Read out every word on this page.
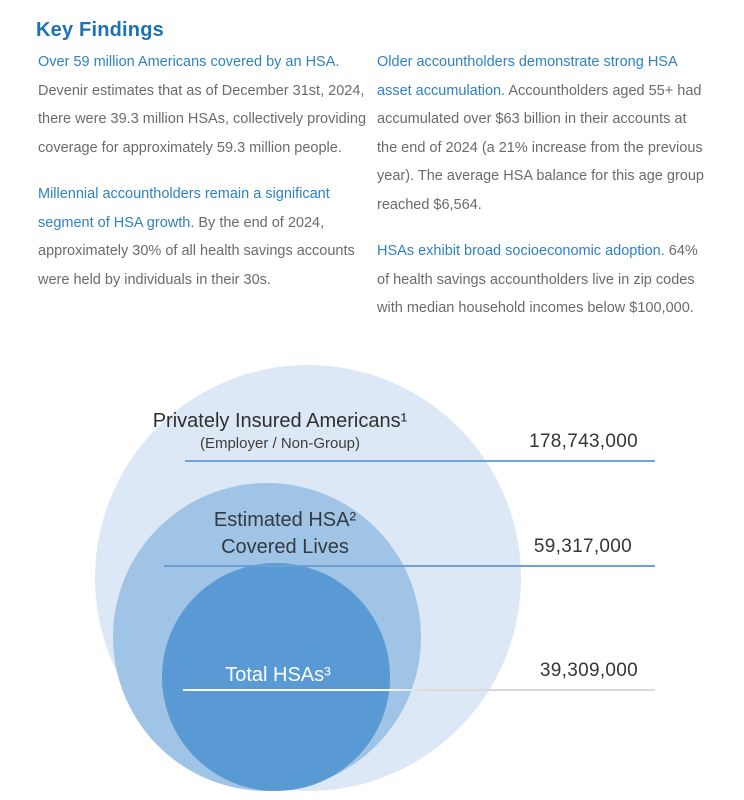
Key Findings

Over 59 million Americans covered by an HSA. Devenir estimates that as of December 31st, 2024, there were 39.3 million HSAs, collectively providing coverage for approximately 59.3 million people.

Millennial accountholders remain a significant segment of HSA growth. By the end of 2024, approximately 30% of all health savings accounts were held by individuals in their 30s.

Older accountholders demonstrate strong HSA asset accumulation. Accountholders aged 55+ had accumulated over $63 billion in their accounts at the end of 2024 (a 21% increase from the previous year). The average HSA balance for this age group reached $6,564.

HSAs exhibit broad socioeconomic adoption. 64% of health savings accountholders live in zip codes with median household incomes below $100,000.

Privately Insured Americans¹
(Employer / Non-Group)	178,743,000
Estimated HSA²
Covered Lives	59,317,000
Total HSAs³	39,309,000
